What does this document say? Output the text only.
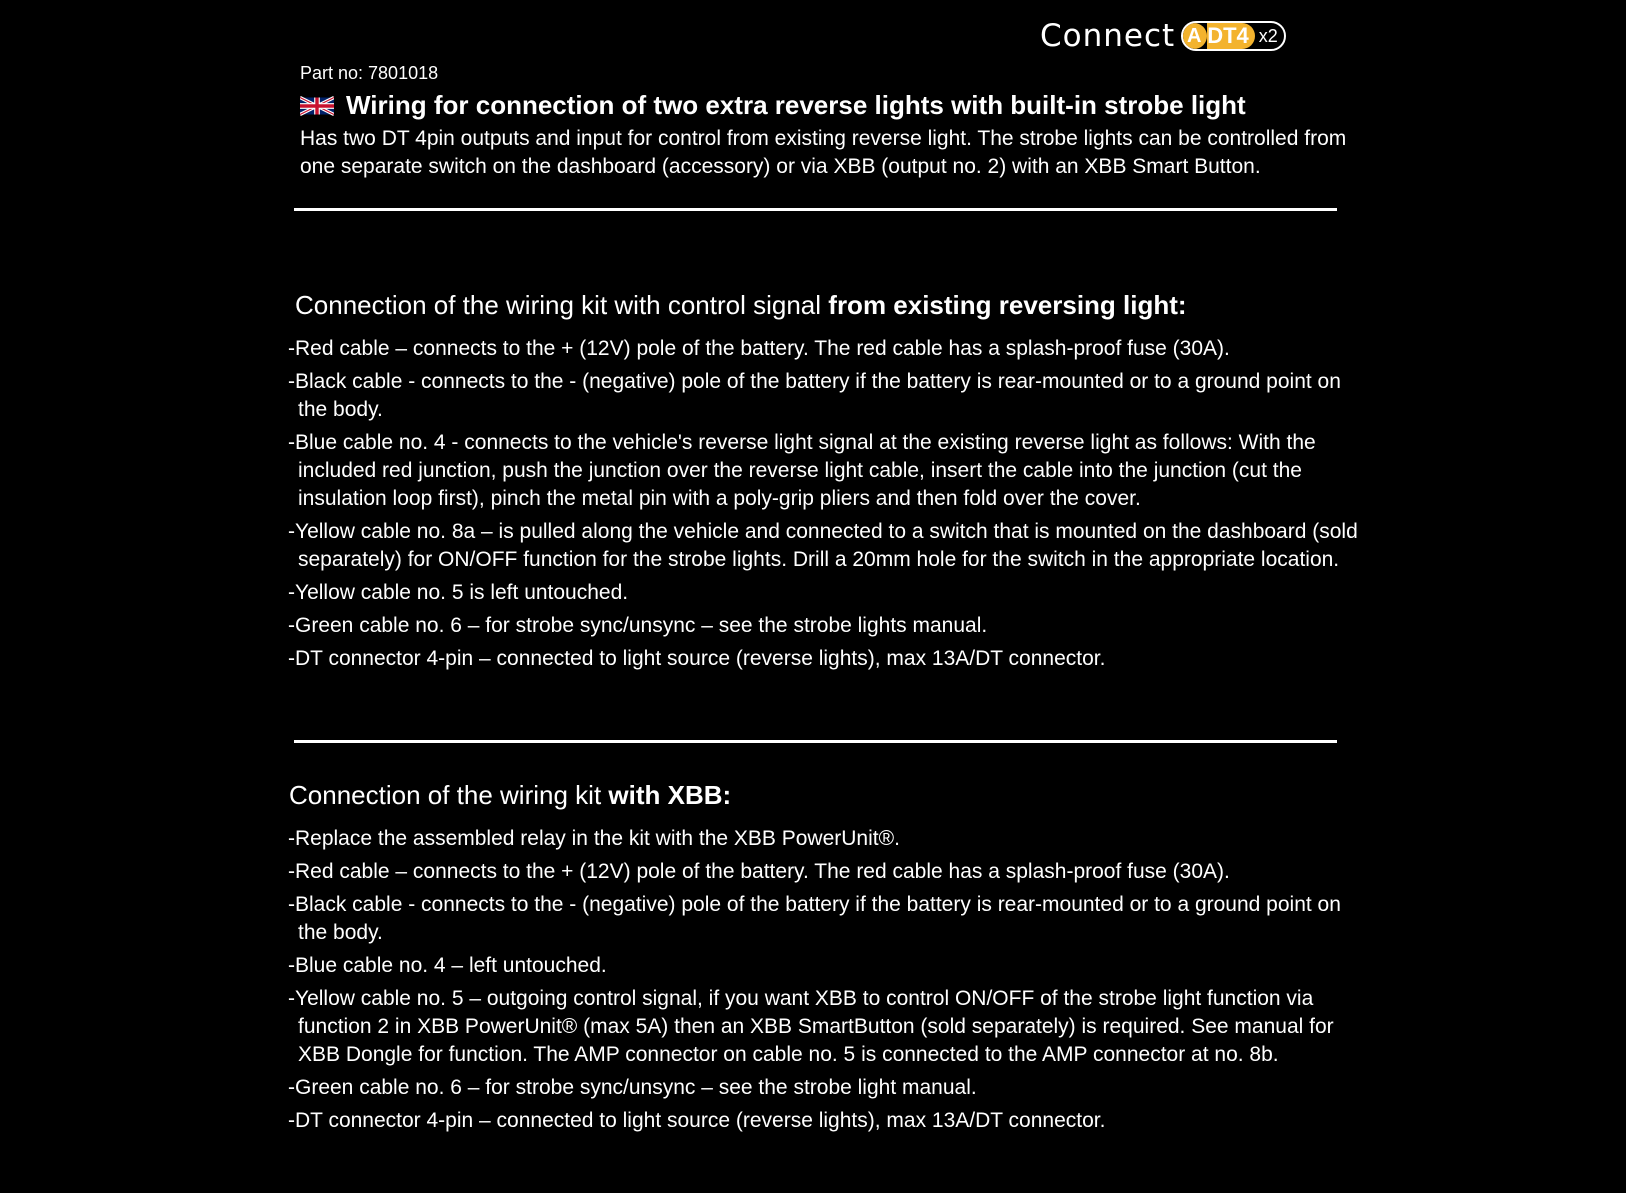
Connect A DT4 x2
Part no: 7801018
Wiring for connection of two extra reverse lights with built-in strobe light
Has two DT 4pin outputs and input for control from existing reverse light. The strobe lights can be controlled from one separate switch on the dashboard (accessory) or via XBB (output no. 2) with an XBB Smart Button.
Connection of the wiring kit with control signal from existing reversing light:
-Red cable – connects to the + (12V) pole of the battery. The red cable has a splash-proof fuse (30A).
-Black cable - connects to the - (negative) pole of the battery if the battery is rear-mounted or to a ground point on the body.
-Blue cable no. 4 - connects to the vehicle's reverse light signal at the existing reverse light as follows: With the included red junction, push the junction over the reverse light cable, insert the cable into the junction (cut the insulation loop first), pinch the metal pin with a poly-grip pliers and then fold over the cover.
-Yellow cable no. 8a – is pulled along the vehicle and connected to a switch that is mounted on the dashboard (sold separately) for ON/OFF function for the strobe lights. Drill a 20mm hole for the switch in the appropriate location.
-Yellow cable no. 5 is left untouched.
-Green cable no. 6 – for strobe sync/unsync – see the strobe lights manual.
-DT connector 4-pin – connected to light source (reverse lights), max 13A/DT connector.
Connection of the wiring kit with XBB:
-Replace the assembled relay in the kit with the XBB PowerUnit®.
-Red cable – connects to the + (12V) pole of the battery. The red cable has a splash-proof fuse (30A).
-Black cable - connects to the - (negative) pole of the battery if the battery is rear-mounted or to a ground point on the body.
-Blue cable no. 4 – left untouched.
-Yellow cable no. 5 – outgoing control signal, if you want XBB to control ON/OFF of the strobe light function via function 2 in XBB PowerUnit® (max 5A) then an XBB SmartButton (sold separately) is required. See manual for XBB Dongle for function. The AMP connector on cable no. 5 is connected to the AMP connector at no. 8b.
-Green cable no. 6 – for strobe sync/unsync – see the strobe light manual.
-DT connector 4-pin – connected to light source (reverse lights), max 13A/DT connector.
